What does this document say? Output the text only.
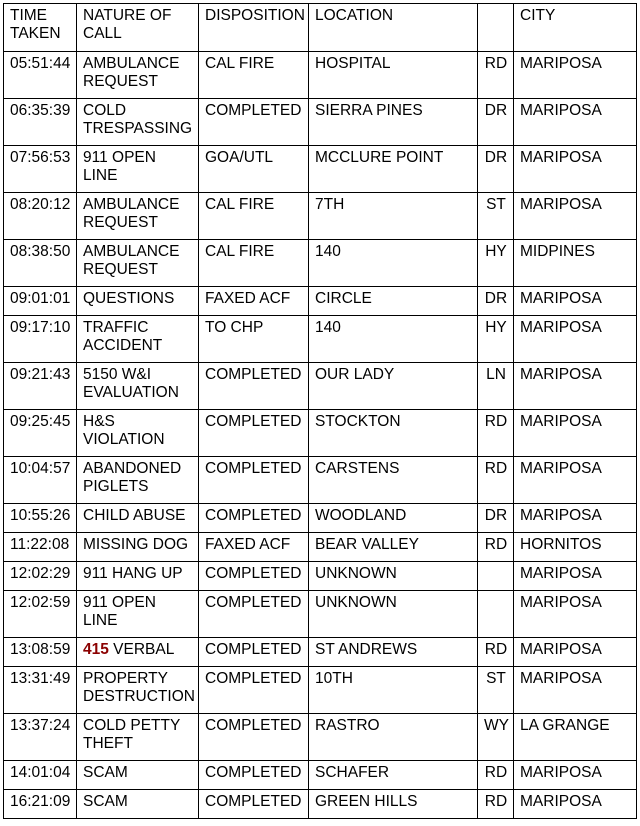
TIME TAKEN	NATURE OF CALL	DISPOSITION	LOCATION		CITY
05:51:44	AMBULANCE REQUEST	CAL FIRE	HOSPITAL	RD	MARIPOSA
06:35:39	COLD TRESPASSING	COMPLETED	SIERRA PINES	DR	MARIPOSA
07:56:53	911 OPEN LINE	GOA/UTL	MCCLURE POINT	DR	MARIPOSA
08:20:12	AMBULANCE REQUEST	CAL FIRE	7TH	ST	MARIPOSA
08:38:50	AMBULANCE REQUEST	CAL FIRE	140	HY	MIDPINES
09:01:01	QUESTIONS	FAXED ACF	CIRCLE	DR	MARIPOSA
09:17:10	TRAFFIC ACCIDENT	TO CHP	140	HY	MARIPOSA
09:21:43	5150 W&I EVALUATION	COMPLETED	OUR LADY	LN	MARIPOSA
09:25:45	H&S VIOLATION	COMPLETED	STOCKTON	RD	MARIPOSA
10:04:57	ABANDONED PIGLETS	COMPLETED	CARSTENS	RD	MARIPOSA
10:55:26	CHILD ABUSE	COMPLETED	WOODLAND	DR	MARIPOSA
11:22:08	MISSING DOG	FAXED ACF	BEAR VALLEY	RD	HORNITOS
12:02:29	911 HANG UP	COMPLETED	UNKNOWN		MARIPOSA
12:02:59	911 OPEN LINE	COMPLETED	UNKNOWN		MARIPOSA
13:08:59	415 VERBAL	COMPLETED	ST ANDREWS	RD	MARIPOSA
13:31:49	PROPERTY DESTRUCTION	COMPLETED	10TH	ST	MARIPOSA
13:37:24	COLD PETTY THEFT	COMPLETED	RASTRO	WY	LA GRANGE
14:01:04	SCAM	COMPLETED	SCHAFER	RD	MARIPOSA
16:21:09	SCAM	COMPLETED	GREEN HILLS	RD	MARIPOSA
